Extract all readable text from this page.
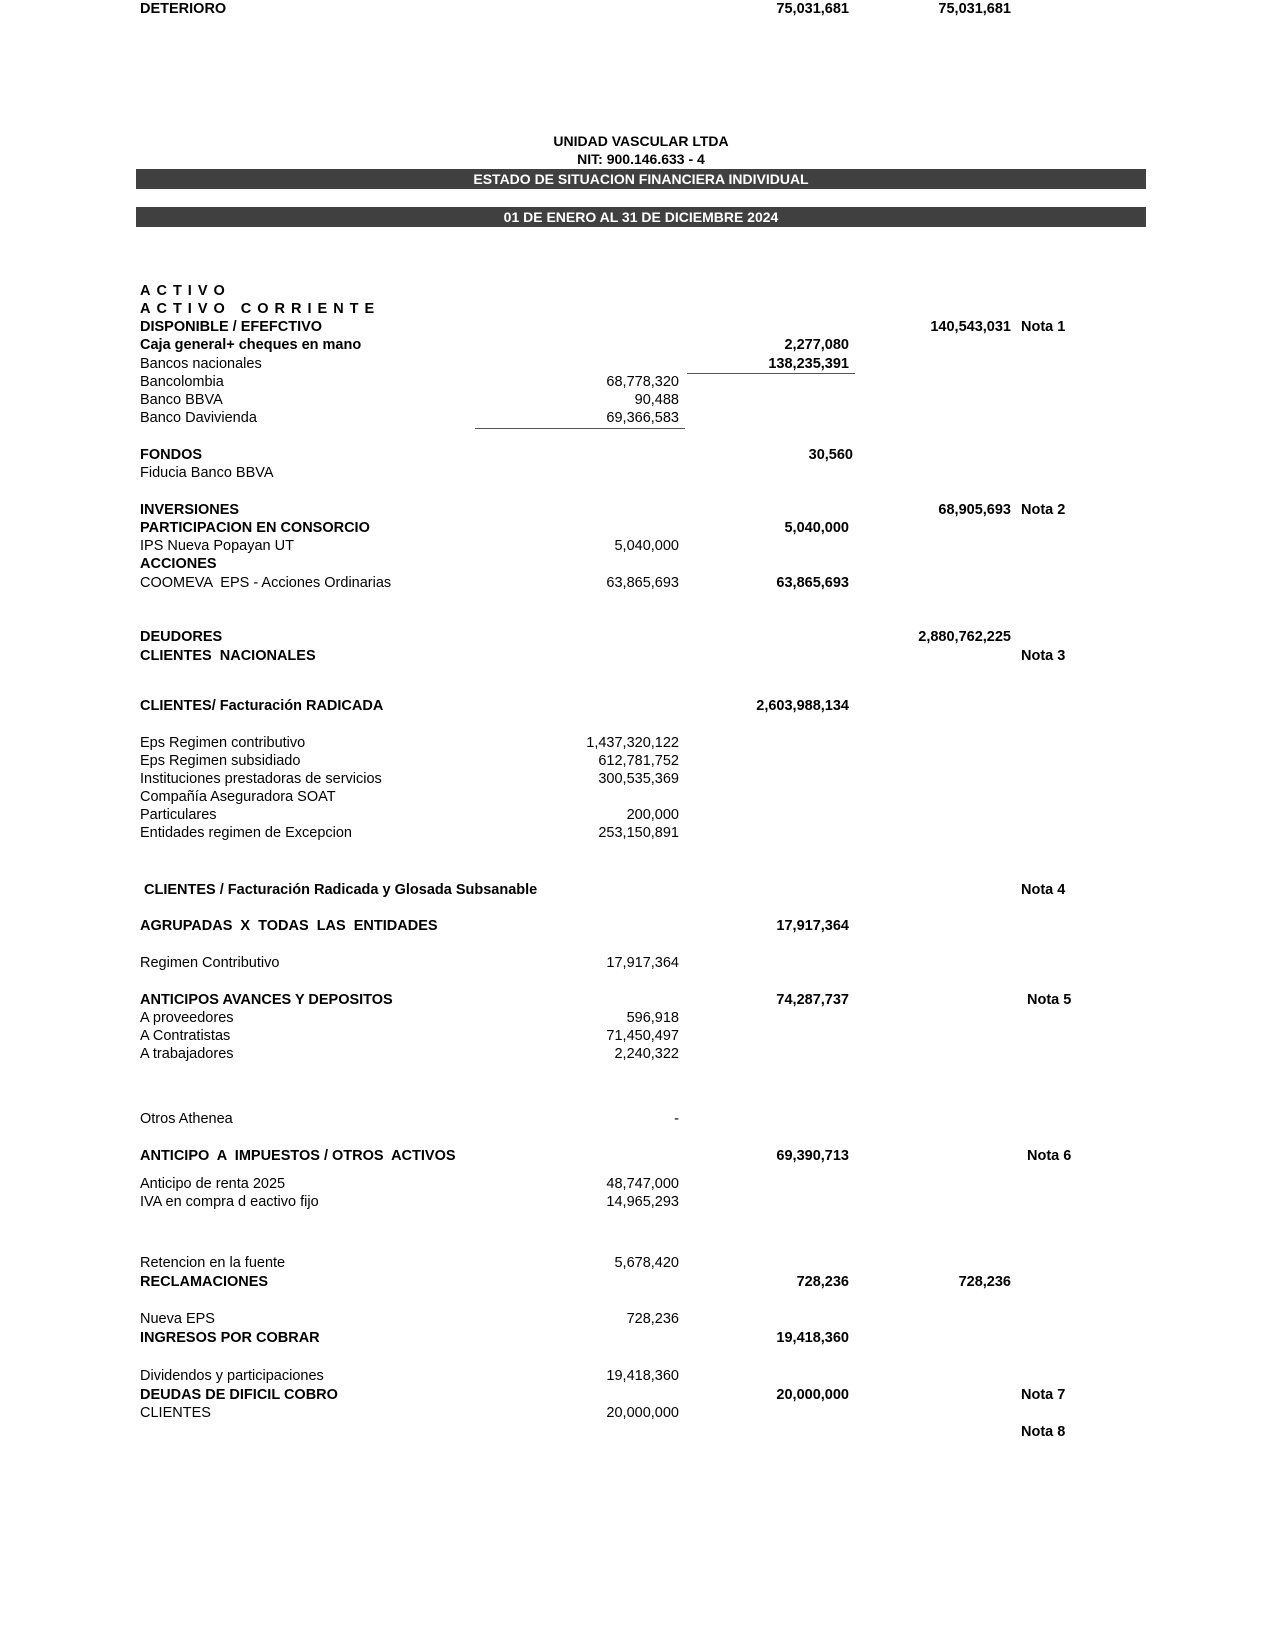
UNIDAD VASCULAR LTDA
NIT: 900.146.633 - 4
ESTADO DE SITUACION FINANCIERA INDIVIDUAL
01 DE ENERO AL 31 DE DICIEMBRE 2024
ACTIVO
ACTIVO CORRIENTE
DISPONIBLE / EFEFCTIVO	140,543,031 Nota 1
Caja general+ cheques en mano	2,277,080
Bancos nacionales	138,235,391
Bancolombia	68,778,320
Banco BBVA	90,488
Banco Davivienda	69,366,583
FONDOS	30,560
Fiducia Banco BBVA
INVERSIONES	68,905,693 Nota 2
PARTICIPACION EN CONSORCIO	5,040,000
IPS Nueva Popayan UT	5,040,000
ACCIONES
COOMEVA  EPS - Acciones Ordinarias	63,865,693	63,865,693
DEUDORES	2,880,762,225
CLIENTES  NACIONALES	Nota 3
CLIENTES/ Facturación RADICADA	2,603,988,134
Eps Regimen contributivo	1,437,320,122
Eps Regimen subsidiado	612,781,752
Instituciones prestadoras de servicios	300,535,369
Compañía Aseguradora SOAT
Particulares	200,000
Entidades regimen de Excepcion	253,150,891
CLIENTES / Facturación Radicada y Glosada Subsanable	Nota 4
AGRUPADAS  X  TODAS  LAS  ENTIDADES	17,917,364
Regimen Contributivo	17,917,364
ANTICIPOS AVANCES Y DEPOSITOS	74,287,737	Nota 5
A proveedores	596,918
A Contratistas	71,450,497
A trabajadores	2,240,322
Otros Athenea	-
ANTICIPO  A  IMPUESTOS / OTROS  ACTIVOS	69,390,713	Nota 6
Anticipo de renta 2025	48,747,000
IVA en compra d eactivo fijo	14,965,293
Retencion en la fuente	5,678,420
RECLAMACIONES	728,236	728,236
Nueva EPS	728,236
INGRESOS POR COBRAR	19,418,360
Dividendos y participaciones	19,418,360
DEUDAS DE DIFICIL COBRO	20,000,000	Nota 7
CLIENTES	20,000,000
Nota 8
DETERIORO	75,031,681	75,031,681
